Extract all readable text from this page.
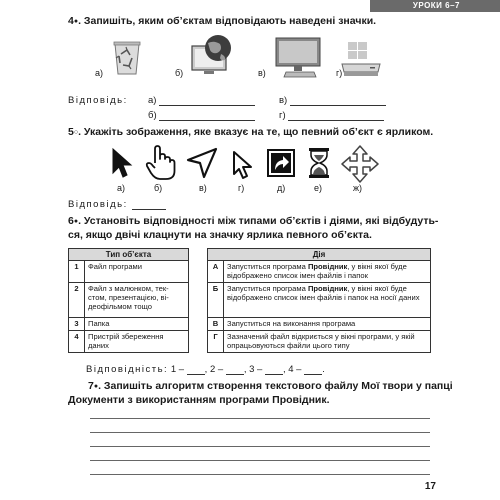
УРОКИ 6–7
4●. Запишіть, яким об’єктам відповідають наведені значки.
а)	б)	в)	г)
Відповідь: а)	в)
б)	г)
5○. Укажіть зображення, яке вказує на те, що певний об’єкт є ярликом.
а)	б)	в)	г)	д)	е)	ж)
Відповідь:
6●. Установіть відповідності між типами об’єктів і діями, які відбудуть-
ся, якщо двічі клацнути на значку ярлика певного об’єкта.
Тип об’єкта	
1	Файл програми
2	Файл з малюнком, тек-стом, презентацією, ві-деофільмом тощо
3	Папка
4	Пристрій збереження даних
Дія	
А	Запуститься програма Провідник, у вікні якої буде відображено список імен файлів і папок
Б	Запуститься програма Провідник, у вікні якої буде відображено список імен файлів і папок на носії даних
В	Запуститься на виконання програма
Г	Зазначений файл відкриється у вікні програми, у якій опрацьовуються файли цього типу
Відповідність: 1 – , 2 – , 3 – , 4 – .
7●. Запишіть алгоритм створення текстового файлу Мої твори у папці
Документи з використанням програми Провідник.
17
